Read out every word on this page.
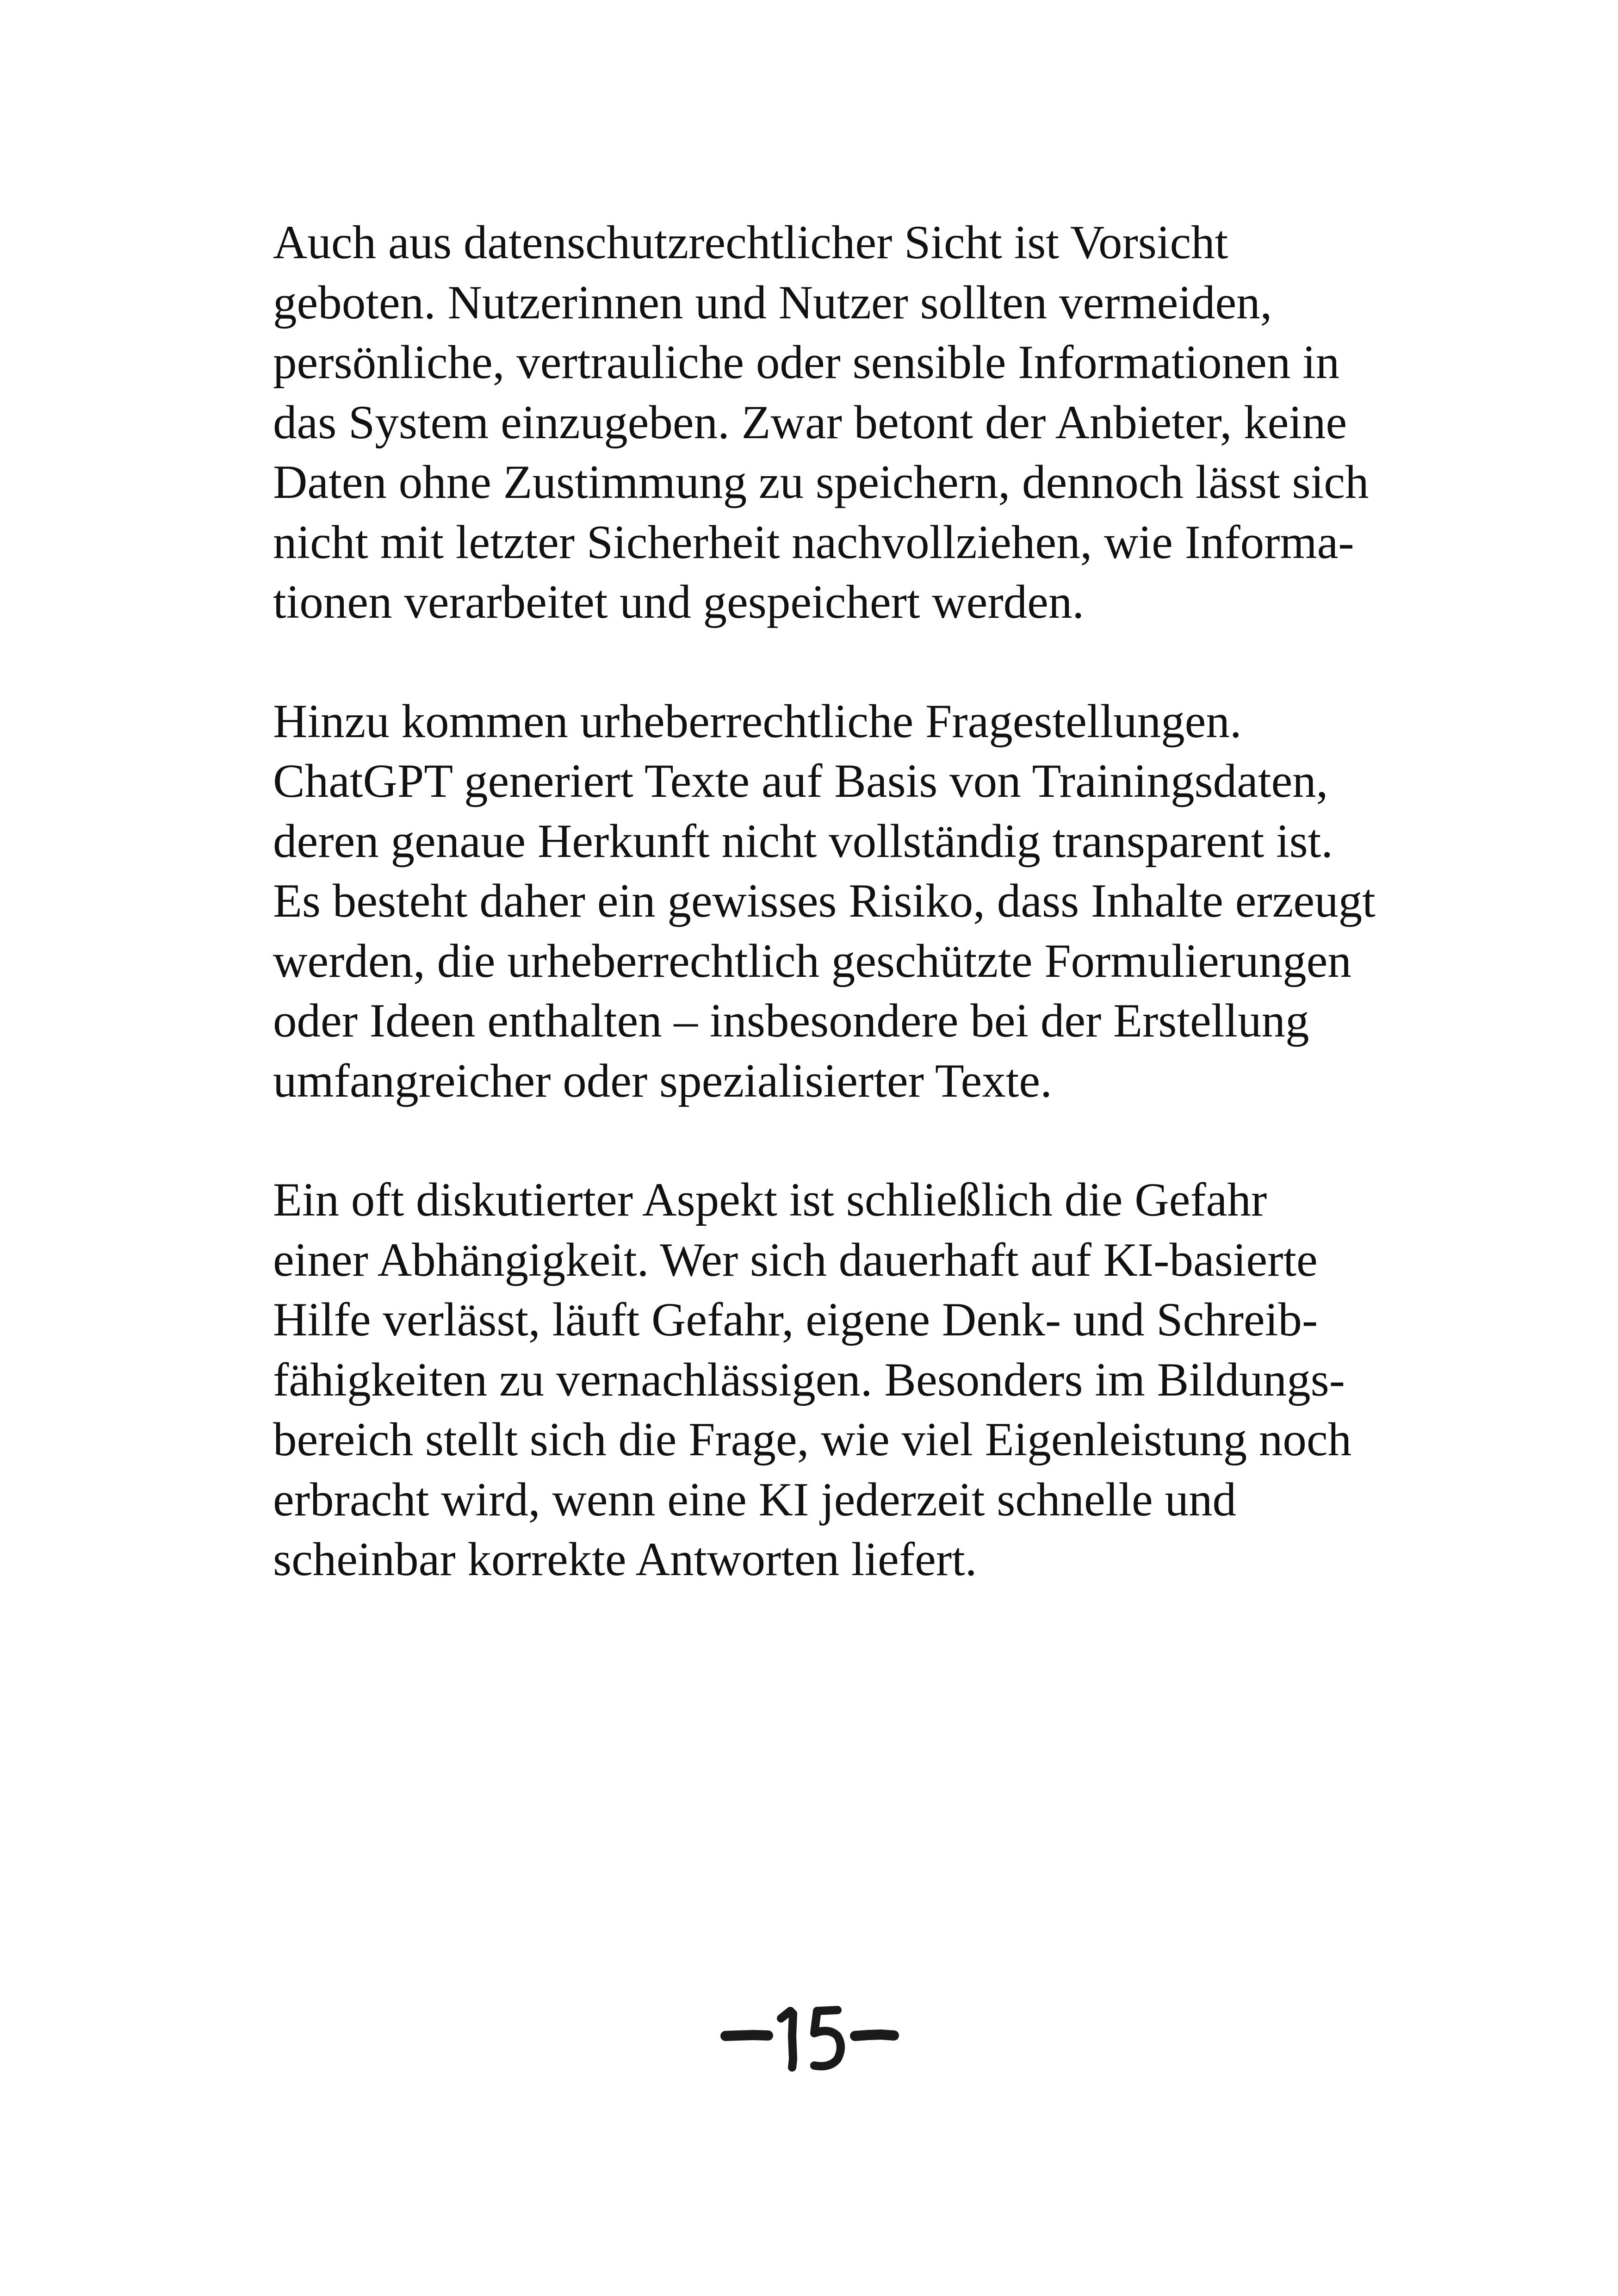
Auch aus datenschutzrechtlicher Sicht ist Vorsicht

geboten. Nutzerinnen und Nutzer sollten vermeiden,

persönliche, vertrauliche oder sensible Informationen in

das System einzugeben. Zwar betont der Anbieter, keine

Daten ohne Zustimmung zu speichern, dennoch lässt sich

nicht mit letzter Sicherheit nachvollziehen, wie Informa-

tionen verarbeitet und gespeichert werden.

Hinzu kommen urheberrechtliche Fragestellungen.

ChatGPT generiert Texte auf Basis von Trainingsdaten,

deren genaue Herkunft nicht vollständig transparent ist.

Es besteht daher ein gewisses Risiko, dass Inhalte erzeugt

werden, die urheberrechtlich geschützte Formulierungen

oder Ideen enthalten – insbesondere bei der Erstellung

umfangreicher oder spezialisierter Texte.

Ein oft diskutierter Aspekt ist schließlich die Gefahr

einer Abhängigkeit. Wer sich dauerhaft auf KI-basierte

Hilfe verlässt, läuft Gefahr, eigene Denk- und Schreib-

fähigkeiten zu vernachlässigen. Besonders im Bildungs-

bereich stellt sich die Frage, wie viel Eigenleistung noch

erbracht wird, wenn eine KI jederzeit schnelle und

scheinbar korrekte Antworten liefert.
